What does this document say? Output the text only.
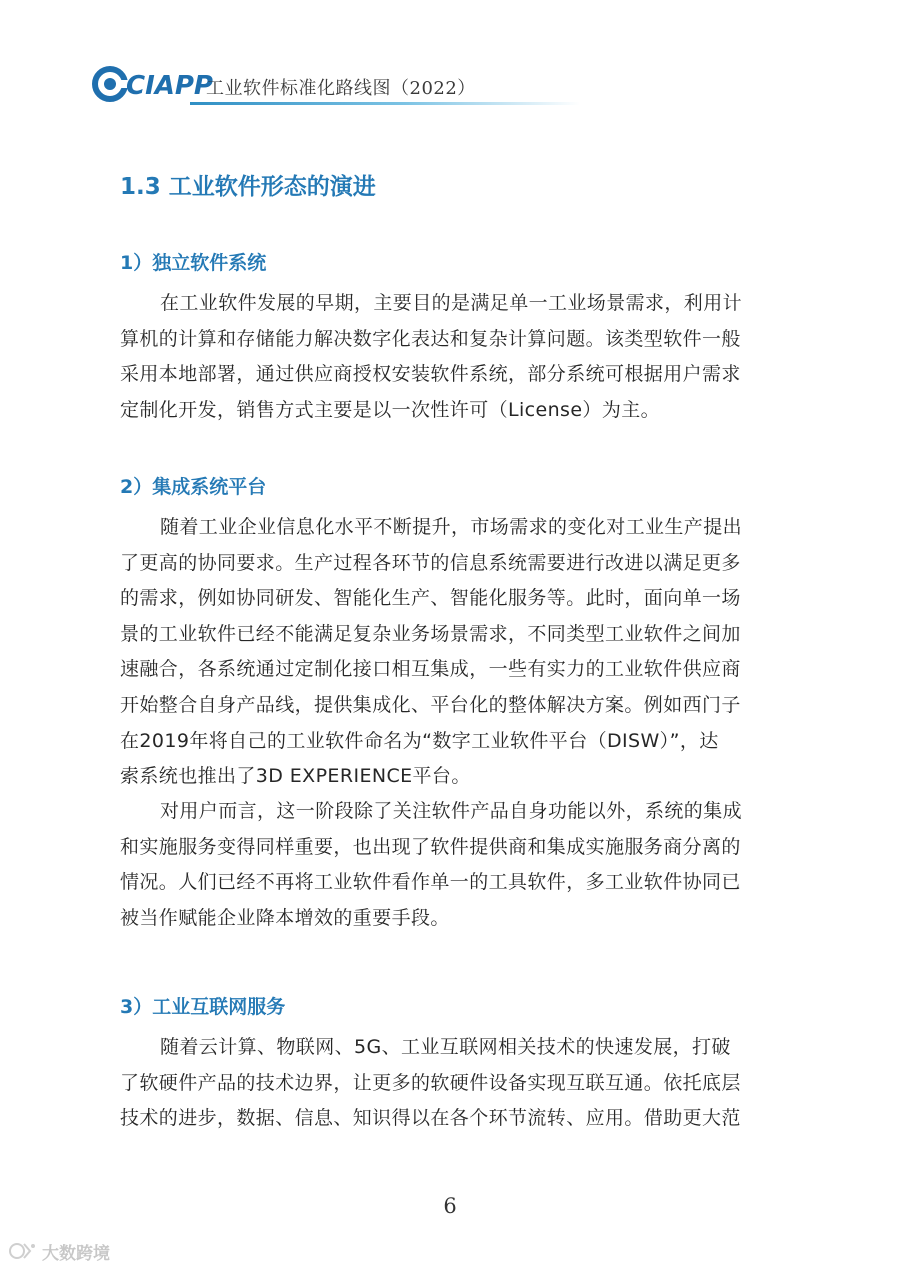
CIAPP
工业软件标准化路线图（2022）
1.3 工业软件形态的演进
1）独立软件系统
在工业软件发展的早期，主要目的是满足单一工业场景需求，利用计
算机的计算和存储能力解决数字化表达和复杂计算问题。该类型软件一般
采用本地部署，通过供应商授权安装软件系统，部分系统可根据用户需求
定制化开发，销售方式主要是以一次性许可（License）为主。
2）集成系统平台
随着工业企业信息化水平不断提升，市场需求的变化对工业生产提出
了更高的协同要求。生产过程各环节的信息系统需要进行改进以满足更多
的需求，例如协同研发、智能化生产、智能化服务等。此时，面向单一场
景的工业软件已经不能满足复杂业务场景需求，不同类型工业软件之间加
速融合，各系统通过定制化接口相互集成，一些有实力的工业软件供应商
开始整合自身产品线，提供集成化、平台化的整体解决方案。例如西门子
在2019年将自己的工业软件命名为“数字工业软件平台（DISW）”，达
索系统也推出了3D EXPERIENCE平台。
对用户而言，这一阶段除了关注软件产品自身功能以外，系统的集成
和实施服务变得同样重要，也出现了软件提供商和集成实施服务商分离的
情况。人们已经不再将工业软件看作单一的工具软件，多工业软件协同已
被当作赋能企业降本增效的重要手段。
3）工业互联网服务
随着云计算、物联网、5G、工业互联网相关技术的快速发展，打破
了软硬件产品的技术边界，让更多的软硬件设备实现互联互通。依托底层
技术的进步，数据、信息、知识得以在各个环节流转、应用。借助更大范
6
大数跨境
